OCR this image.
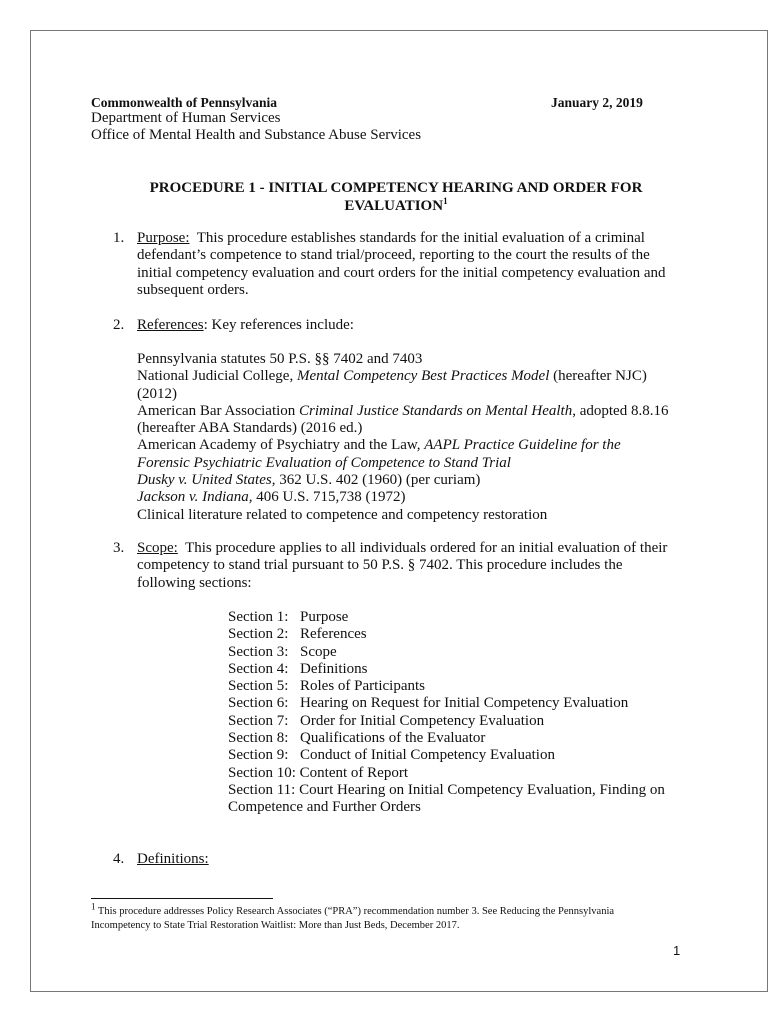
Commonwealth of Pennsylvania	January 2, 2019
Department of Human Services
Office of Mental Health and Substance Abuse Services
PROCEDURE 1 - INITIAL COMPETENCY HEARING AND ORDER FOR
EVALUATION$^1$
1. Purpose: This procedure establishes standards for the initial evaluation of a criminal
defendant’s competence to stand trial/proceed, reporting to the court the results of the
initial competency evaluation and court orders for the initial competency evaluation and
subsequent orders.
2. References: Key references include:
Pennsylvania statutes 50 P.S. §§ 7402 and 7403
National Judicial College, Mental Competency Best Practices Model (hereafter NJC)
(2012)
American Bar Association Criminal Justice Standards on Mental Health, adopted 8.8.16
(hereafter ABA Standards) (2016 ed.)
American Academy of Psychiatry and the Law, AAPL Practice Guideline for the
Forensic Psychiatric Evaluation of Competence to Stand Trial
Dusky v. United States, 362 U.S. 402 (1960) (per curiam)
Jackson v. Indiana, 406 U.S. 715,738 (1972)
Clinical literature related to competence and competency restoration
3. Scope: This procedure applies to all individuals ordered for an initial evaluation of their
competency to stand trial pursuant to 50 P.S. § 7402. This procedure includes the
following sections:
Section 1: Purpose
Section 2: References
Section 3: Scope
Section 4: Definitions
Section 5: Roles of Participants
Section 6: Hearing on Request for Initial Competency Evaluation
Section 7: Order for Initial Competency Evaluation
Section 8: Qualifications of the Evaluator
Section 9: Conduct of Initial Competency Evaluation
Section 10: Content of Report
Section 11: Court Hearing on Initial Competency Evaluation, Finding on
Competence and Further Orders
4. Definitions:
$^1$ This procedure addresses Policy Research Associates (“PRA”) recommendation number 3. See Reducing the Pennsylvania
Incompetency to State Trial Restoration Waitlist: More than Just Beds, December 2017.
1
